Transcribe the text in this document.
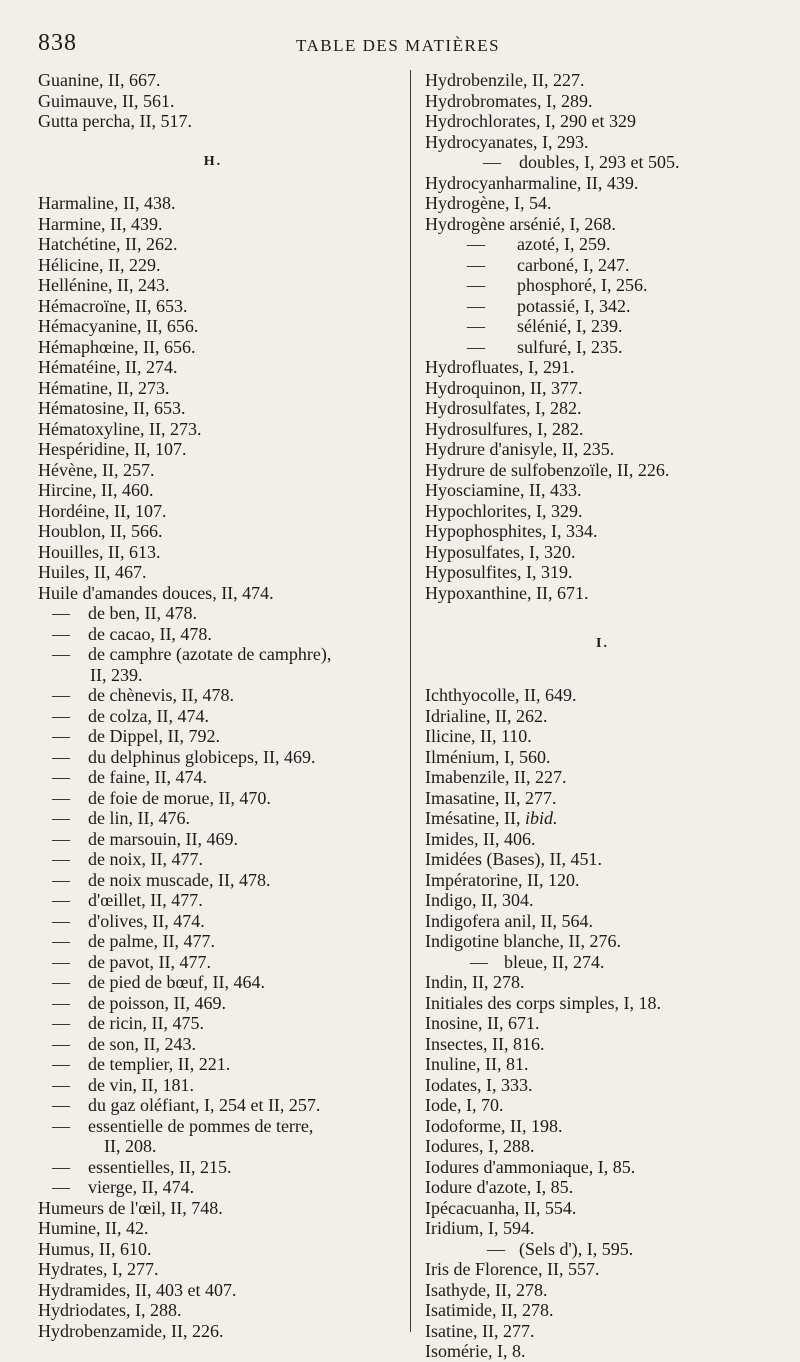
838	TABLE DES MATIÈRES
Guanine, II, 667.
Guimauve, II, 561.
Gutta percha, II, 517.
H.
Harmaline, II, 438.
Harmine, II, 439.
Hatchétine, II, 262.
Hélicine, II, 229.
Hellénine, II, 243.
Hémacroïne, II, 653.
Hémacyanine, II, 656.
Hémaphœine, II, 656.
Hématéine, II, 274.
Hématine, II, 273.
Hématosine, II, 653.
Hématoxyline, II, 273.
Hespéridine, II, 107.
Hévène, II, 257.
Hircine, II, 460.
Hordéine, II, 107.
Houblon, II, 566.
Houilles, II, 613.
Huiles, II, 467.
Huile d'amandes douces, II, 474.
—de ben, II, 478.
—de cacao, II, 478.
—de camphre (azotate de camphre),
II, 239.
—de chènevis, II, 478.
—de colza, II, 474.
—de Dippel, II, 792.
—du delphinus globiceps, II, 469.
—de faine, II, 474.
—de foie de morue, II, 470.
—de lin, II, 476.
—de marsouin, II, 469.
—de noix, II, 477.
—de noix muscade, II, 478.
—d'œillet, II, 477.
—d'olives, II, 474.
—de palme, II, 477.
—de pavot, II, 477.
—de pied de bœuf, II, 464.
—de poisson, II, 469.
—de ricin, II, 475.
—de son, II, 243.
—de templier, II, 221.
—de vin, II, 181.
—du gaz oléfiant, I, 254 et II, 257.
—essentielle de pommes de terre,
II, 208.
—essentielles, II, 215.
—vierge, II, 474.
Humeurs de l'œil, II, 748.
Humine, II, 42.
Humus, II, 610.
Hydrates, I, 277.
Hydramides, II, 403 et 407.
Hydriodates, I, 288.
Hydrobenzamide, II, 226.
Hydrobenzile, II, 227.
Hydrobromates, I, 289.
Hydrochlorates, I, 290 et 329
Hydrocyanates, I, 293.
—doubles, I, 293 et 505.
Hydrocyanharmaline, II, 439.
Hydrogène, I, 54.
Hydrogène arsénié, I, 268.
—azoté, I, 259.
—carboné, I, 247.
—phosphoré, I, 256.
—potassié, I, 342.
—sélénié, I, 239.
—sulfuré, I, 235.
Hydrofluates, I, 291.
Hydroquinon, II, 377.
Hydrosulfates, I, 282.
Hydrosulfures, I, 282.
Hydrure d'anisyle, II, 235.
Hydrure de sulfobenzoïle, II, 226.
Hyosciamine, II, 433.
Hypochlorites, I, 329.
Hypophosphites, I, 334.
Hyposulfates, I, 320.
Hyposulfites, I, 319.
Hypoxanthine, II, 671.
I.
Ichthyocolle, II, 649.
Idrialine, II, 262.
Ilicine, II, 110.
Ilménium, I, 560.
Imabenzile, II, 227.
Imasatine, II, 277.
Imésatine, II, ibid.
Imides, II, 406.
Imidées (Bases), II, 451.
Impératorine, II, 120.
Indigo, II, 304.
Indigofera anil, II, 564.
Indigotine blanche, II, 276.
—bleue, II, 274.
Indin, II, 278.
Initiales des corps simples, I, 18.
Inosine, II, 671.
Insectes, II, 816.
Inuline, II, 81.
Iodates, I, 333.
Iode, I, 70.
Iodoforme, II, 198.
Iodures, I, 288.
Iodures d'ammoniaque, I, 85.
Iodure d'azote, I, 85.
Ipécacuanha, II, 554.
Iridium, I, 594.
—(Sels d'), I, 595.
Iris de Florence, II, 557.
Isathyde, II, 278.
Isatimide, II, 278.
Isatine, II, 277.
Isomérie, I, 8.
